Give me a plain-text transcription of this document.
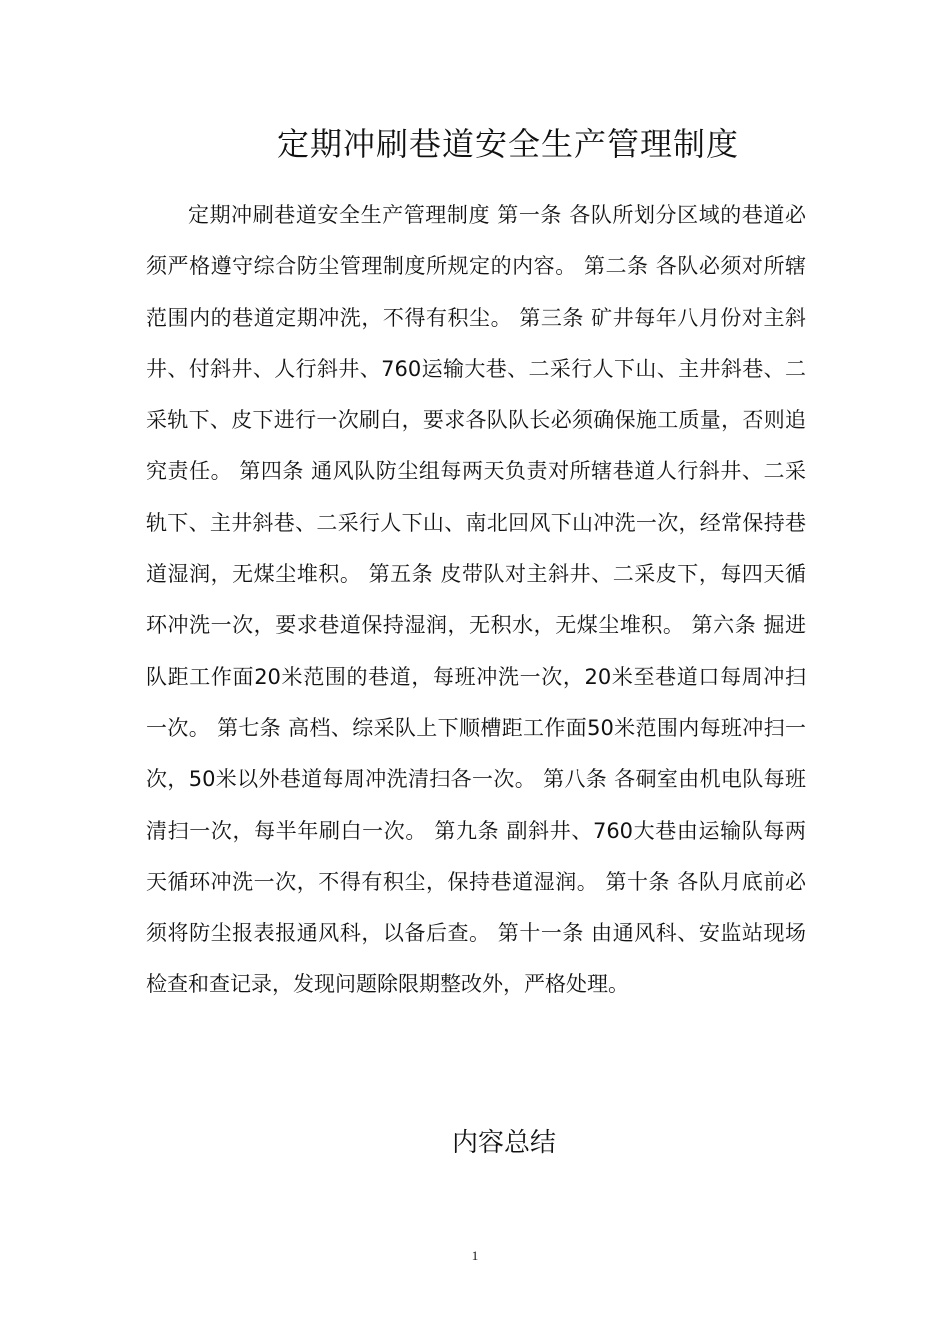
定期冲刷巷道安全生产管理制度

定期冲刷巷道安全生产管理制度 第一条 各队所划分区域的巷道必须严格遵守综合防尘管理制度所规定的内容。 第二条 各队必须对所辖范围内的巷道定期冲洗，不得有积尘。 第三条 矿井每年八月份对主斜井、付斜井、人行斜井、760运输大巷、二采行人下山、主井斜巷、二采轨下、皮下进行一次刷白，要求各队队长必须确保施工质量，否则追究责任。 第四条 通风队防尘组每两天负责对所辖巷道人行斜井、二采轨下、主井斜巷、二采行人下山、南北回风下山冲洗一次，经常保持巷道湿润，无煤尘堆积。 第五条 皮带队对主斜井、二采皮下，每四天循环冲洗一次，要求巷道保持湿润，无积水，无煤尘堆积。 第六条 掘进队距工作面20米范围的巷道，每班冲洗一次，20米至巷道口每周冲扫一次。 第七条 高档、综采队上下顺槽距工作面50米范围内每班冲扫一次，50米以外巷道每周冲洗清扫各一次。 第八条 各硐室由机电队每班清扫一次，每半年刷白一次。 第九条 副斜井、760大巷由运输队每两天循环冲洗一次，不得有积尘，保持巷道湿润。 第十条 各队月底前必须将防尘报表报通风科，以备后查。 第十一条 由通风科、安监站现场检查和查记录，发现问题除限期整改外，严格处理。

内容总结
1
